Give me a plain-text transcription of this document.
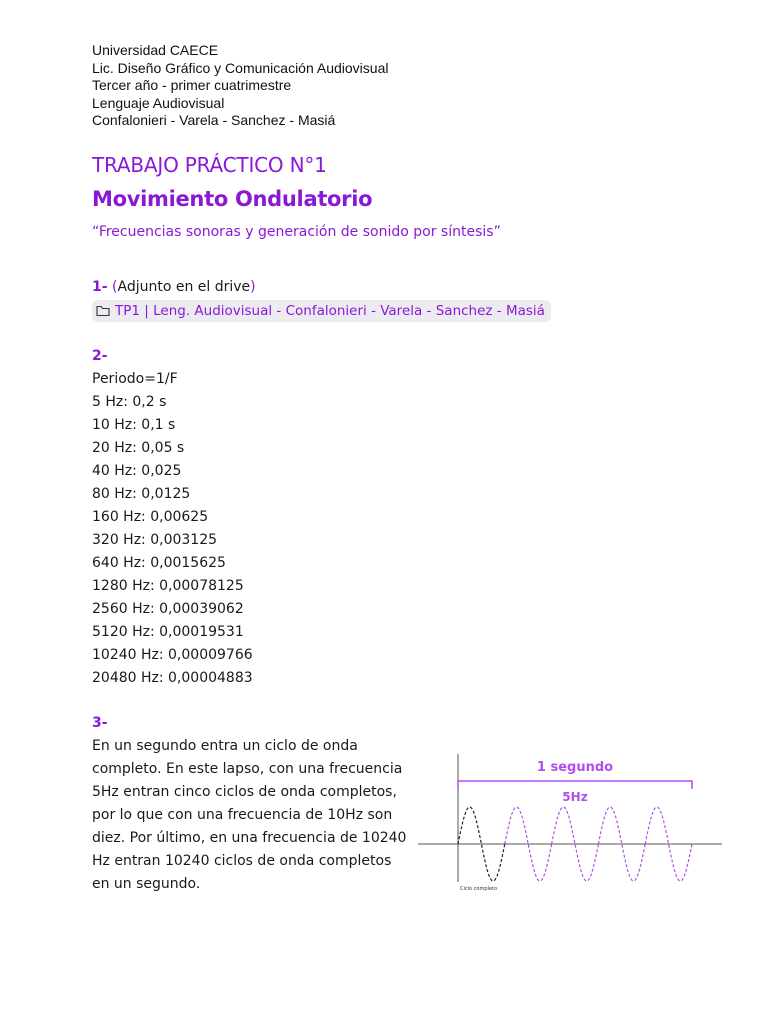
Universidad CAECE
Lic. Diseño Gráfico y Comunicación Audiovisual
Tercer año - primer cuatrimestre
Lenguaje Audiovisual
Confalonieri - Varela - Sanchez - Masiá
TRABAJO PRÁCTICO N°1
Movimiento Ondulatorio
“Frecuencias sonoras y generación de sonido por síntesis”
1- (Adjunto en el drive)
TP1 | Leng. Audiovisual - Confalonieri - Varela - Sanchez - Masiá
2-
Periodo=1/F
5 Hz: 0,2 s
10 Hz: 0,1 s
20 Hz: 0,05 s
40 Hz: 0,025
80 Hz: 0,0125
160 Hz: 0,00625
320 Hz: 0,003125
640 Hz: 0,0015625
1280 Hz: 0,00078125
2560 Hz: 0,00039062
5120 Hz: 0,00019531
10240 Hz: 0,00009766
20480 Hz: 0,00004883
3-
En un segundo entra un ciclo de onda
completo. En este lapso, con una frecuencia
5Hz entran cinco ciclos de onda completos,
por lo que con una frecuencia de 10Hz son
diez. Por último, en una frecuencia de 10240
Hz entran 10240 ciclos de onda completos
en un segundo.
1 segundo
5Hz
Ciclo completo
